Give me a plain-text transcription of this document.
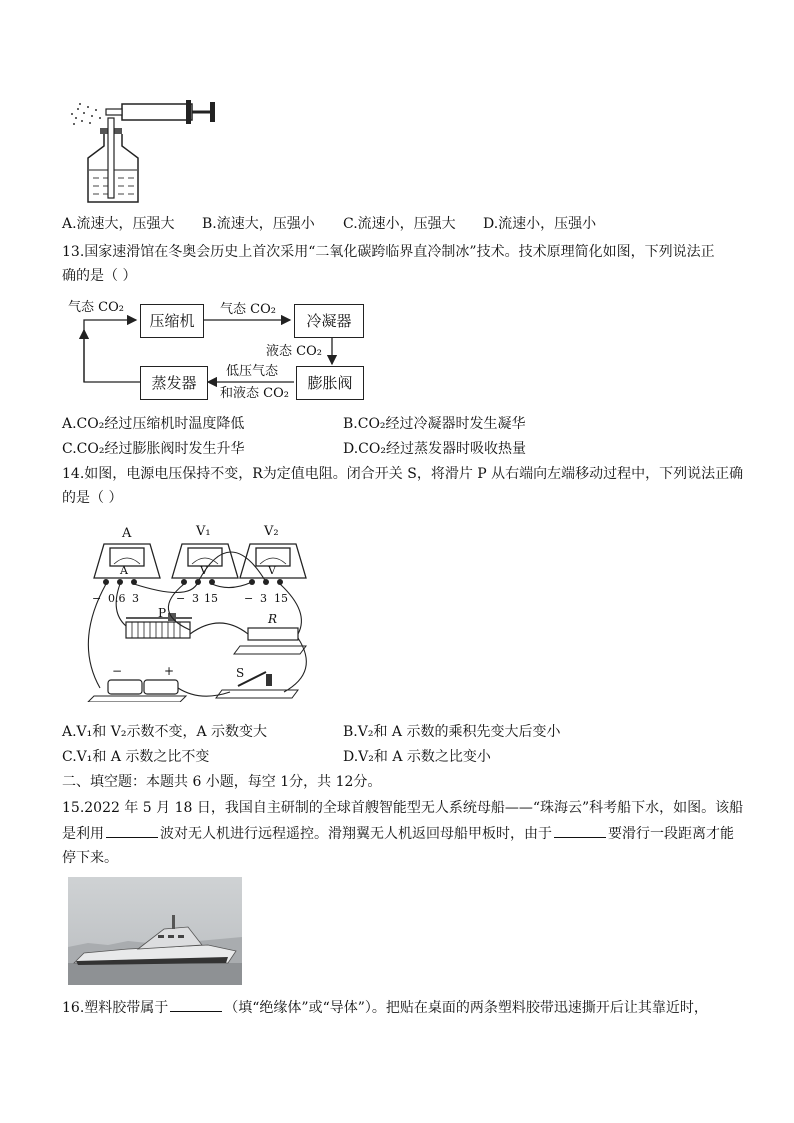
A.流速大，压强大 B.流速大，压强小 C.流速小，压强大 D.流速小，压强小
13.国家速滑馆在冬奥会历史上首次采用“二氧化碳跨临界直冷制冰”技术。技术原理简化如图，下列说法正
确的是（ ）
压缩机	冷凝器
蒸发器	膨胀阀
气态 CO₂	气态 CO₂
液态 CO₂
低压气态
和液态 CO₂
A.CO₂经过压缩机时温度降低	B.CO₂经过冷凝器时发生凝华
C.CO₂经过膨胀阀时发生升华	D.CO₂经过蒸发器时吸收热量
14.如图，电源电压保持不变，R为定值电阻。闭合开关 S，将滑片 P 从右端向左端移动过程中，下列说法正确
的是（ ）
A	V₁	V₂
A	V	V
− 0.6 3	− 3 15 − 3 15
P	R
S
−	+
A.V₁和 V₂示数不变，A 示数变大	B.V₂和 A 示数的乘积先变大后变小
C.V₁和 A 示数之比不变	D.V₂和 A 示数之比变小
二、填空题：本题共 6 小题，每空 1分，共 12分。
15.2022 年 5 月 18 日，我国自主研制的全球首艘智能型无人系统母船——“珠海云”科考船下水，如图。该船
是利用	波对无人机进行远程遥控。滑翔翼无人机返回母船甲板时，由于	要滑行一段距离才能
停下来。
16.塑料胶带属于	（填“绝缘体”或“导体”）。把贴在桌面的两条塑料胶带迅速撕开后让其靠近时，
